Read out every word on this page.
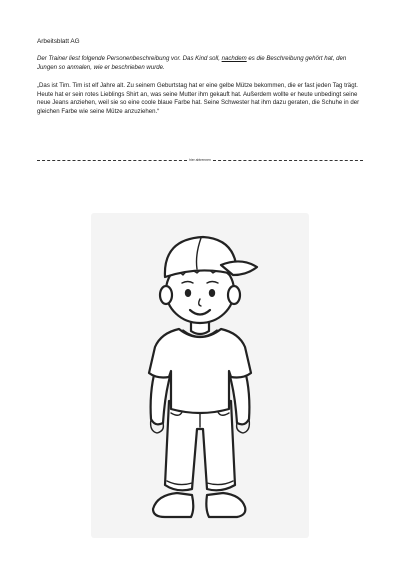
Arbeitsblatt AG
Der Trainer liest folgende Personenbeschreibung vor. Das Kind soll, nachdem es die Beschreibung gehört hat, den Jungen so anmalen, wie er beschrieben wurde.
„Das ist Tim. Tim ist elf Jahre alt. Zu seinem Geburtstag hat er eine gelbe Mütze bekommen, die er fast jeden Tag trägt. Heute hat er sein rotes Lieblings Shirt an, was seine Mutter ihm gekauft hat. Außerdem wollte er heute unbedingt seine neue Jeans anziehen, weil sie so eine coole blaue Farbe hat. Seine Schwester hat ihm dazu geraten, die Schuhe in der gleichen Farbe wie seine Mütze anzuziehen.“
hier abtrennen
